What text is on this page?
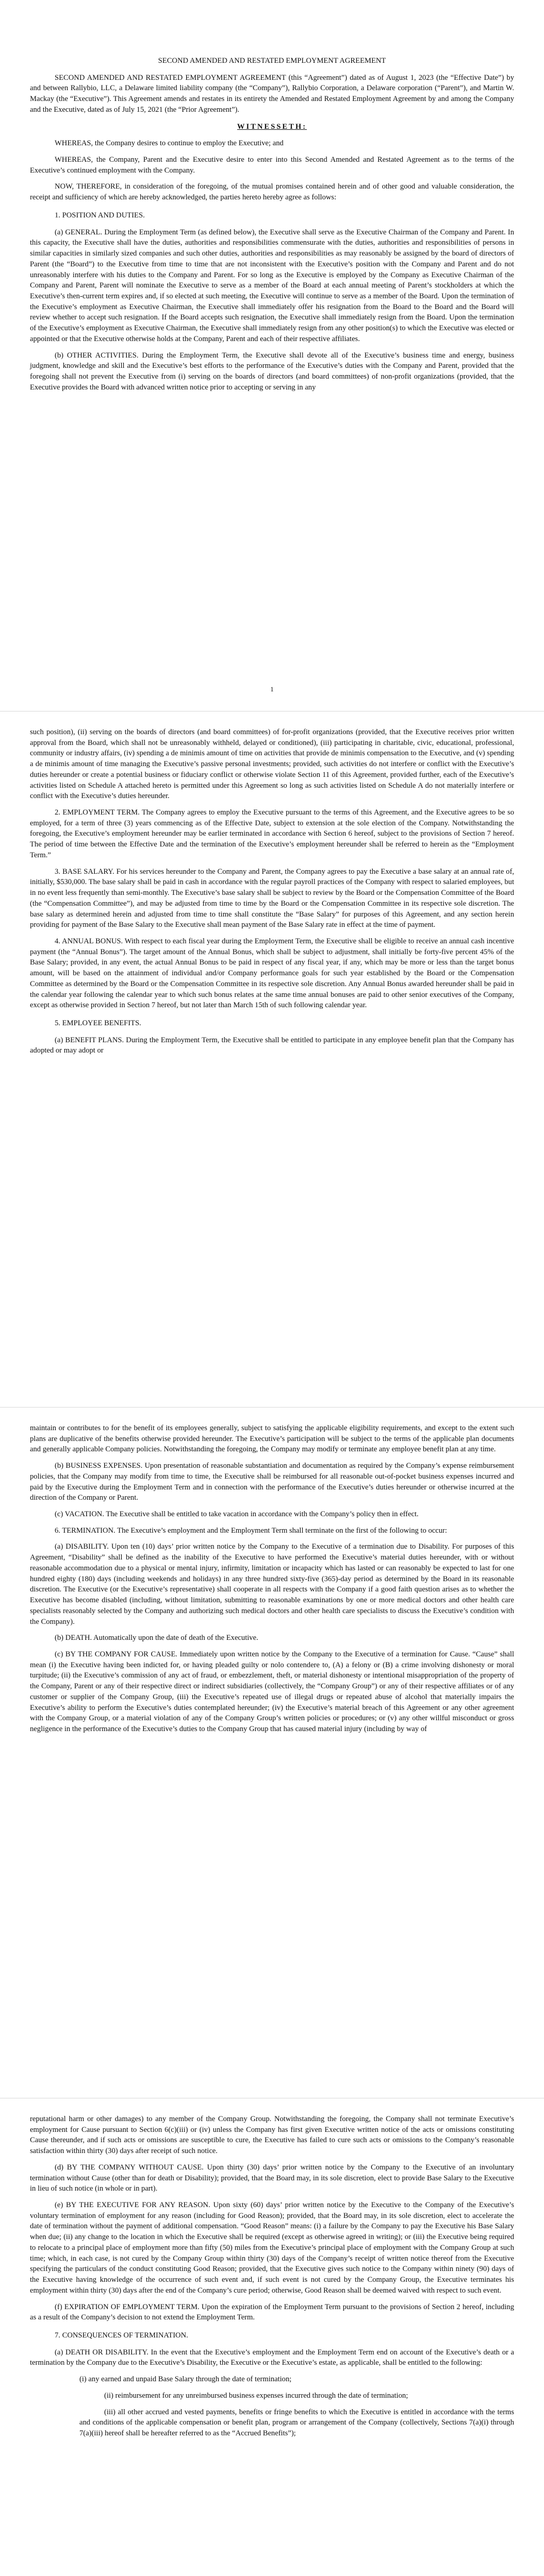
SECOND AMENDED AND RESTATED EMPLOYMENT AGREEMENT

SECOND AMENDED AND RESTATED EMPLOYMENT AGREEMENT (this “Agreement”) dated as of August 1, 2023 (the “Effective Date”) by and between Rallybio, LLC, a Delaware limited liability company (the “Company”), Rallybio Corporation, a Delaware corporation (“Parent”), and Martin W. Mackay (the “Executive”). This Agreement amends and restates in its entirety the Amended and Restated Employment Agreement by and among the Company and the Executive, dated as of July 15, 2021 (the “Prior Agreement”).

WITNESSETH:

WHEREAS, the Company desires to continue to employ the Executive; and

WHEREAS, the Company, Parent and the Executive desire to enter into this Second Amended and Restated Agreement as to the terms of the Executive’s continued employment with the Company.

NOW, THEREFORE, in consideration of the foregoing, of the mutual promises contained herein and of other good and valuable consideration, the receipt and sufficiency of which are hereby acknowledged, the parties hereto hereby agree as follows:

1. POSITION AND DUTIES.

(a) GENERAL. During the Employment Term (as defined below), the Executive shall serve as the Executive Chairman of the Company and Parent. In this capacity, the Executive shall have the duties, authorities and responsibilities commensurate with the duties, authorities and responsibilities of persons in similar capacities in similarly sized companies and such other duties, authorities and responsibilities as may reasonably be assigned by the board of directors of Parent (the “Board”) to the Executive from time to time that are not inconsistent with the Executive’s position with the Company and Parent and do not unreasonably interfere with his duties to the Company and Parent. For so long as the Executive is employed by the Company as Executive Chairman of the Company and Parent, Parent will nominate the Executive to serve as a member of the Board at each annual meeting of Parent’s stockholders at which the Executive’s then-current term expires and, if so elected at such meeting, the Executive will continue to serve as a member of the Board. Upon the termination of the Executive’s employment as Executive Chairman, the Executive shall immediately offer his resignation from the Board to the Board and the Board will review whether to accept such resignation. If the Board accepts such resignation, the Executive shall immediately resign from the Board. Upon the termination of the Executive’s employment as Executive Chairman, the Executive shall immediately resign from any other position(s) to which the Executive was elected or appointed or that the Executive otherwise holds at the Company, Parent and each of their respective affiliates.

(b) OTHER ACTIVITIES. During the Employment Term, the Executive shall devote all of the Executive’s business time and energy, business judgment, knowledge and skill and the Executive’s best efforts to the performance of the Executive’s duties with the Company and Parent, provided that the foregoing shall not prevent the Executive from (i) serving on the boards of directors (and board committees) of non-profit organizations (provided, that the Executive provides the Board with advanced written notice prior to accepting or serving in any

1

such position), (ii) serving on the boards of directors (and board committees) of for-profit organizations (provided, that the Executive receives prior written approval from the Board, which shall not be unreasonably withheld, delayed or conditioned), (iii) participating in charitable, civic, educational, professional, community or industry affairs, (iv) spending a de minimis amount of time on activities that provide de minimis compensation to the Executive, and (v) spending a de minimis amount of time managing the Executive’s passive personal investments; provided, such activities do not interfere or conflict with the Executive’s duties hereunder or create a potential business or fiduciary conflict or otherwise violate Section 11 of this Agreement, provided further, each of the Executive’s activities listed on Schedule A attached hereto is permitted under this Agreement so long as such activities listed on Schedule A do not materially interfere or conflict with the Executive’s duties hereunder.

2. EMPLOYMENT TERM. The Company agrees to employ the Executive pursuant to the terms of this Agreement, and the Executive agrees to be so employed, for a term of three (3) years commencing as of the Effective Date, subject to extension at the sole election of the Company. Notwithstanding the foregoing, the Executive’s employment hereunder may be earlier terminated in accordance with Section 6 hereof, subject to the provisions of Section 7 hereof. The period of time between the Effective Date and the termination of the Executive’s employment hereunder shall be referred to herein as the “Employment Term.”

3. BASE SALARY. For his services hereunder to the Company and Parent, the Company agrees to pay the Executive a base salary at an annual rate of, initially, $530,000. The base salary shall be paid in cash in accordance with the regular payroll practices of the Company with respect to salaried employees, but in no event less frequently than semi-monthly. The Executive’s base salary shall be subject to review by the Board or the Compensation Committee of the Board (the “Compensation Committee”), and may be adjusted from time to time by the Board or the Compensation Committee in its respective sole discretion. The base salary as determined herein and adjusted from time to time shall constitute the “Base Salary” for purposes of this Agreement, and any section herein providing for payment of the Base Salary to the Executive shall mean payment of the Base Salary rate in effect at the time of payment.

4. ANNUAL BONUS. With respect to each fiscal year during the Employment Term, the Executive shall be eligible to receive an annual cash incentive payment (the “Annual Bonus”). The target amount of the Annual Bonus, which shall be subject to adjustment, shall initially be forty-five percent 45% of the Base Salary; provided, in any event, the actual Annual Bonus to be paid in respect of any fiscal year, if any, which may be more or less than the target bonus amount, will be based on the attainment of individual and/or Company performance goals for such year established by the Board or the Compensation Committee as determined by the Board or the Compensation Committee in its respective sole discretion. Any Annual Bonus awarded hereunder shall be paid in the calendar year following the calendar year to which such bonus relates at the same time annual bonuses are paid to other senior executives of the Company, except as otherwise provided in Section 7 hereof, but not later than March 15th of such following calendar year.

5. EMPLOYEE BENEFITS.

(a) BENEFIT PLANS. During the Employment Term, the Executive shall be entitled to participate in any employee benefit plan that the Company has adopted or may adopt or

maintain or contributes to for the benefit of its employees generally, subject to satisfying the applicable eligibility requirements, and except to the extent such plans are duplicative of the benefits otherwise provided hereunder. The Executive’s participation will be subject to the terms of the applicable plan documents and generally applicable Company policies. Notwithstanding the foregoing, the Company may modify or terminate any employee benefit plan at any time.

(b) BUSINESS EXPENSES. Upon presentation of reasonable substantiation and documentation as required by the Company’s expense reimbursement policies, that the Company may modify from time to time, the Executive shall be reimbursed for all reasonable out-of-pocket business expenses incurred and paid by the Executive during the Employment Term and in connection with the performance of the Executive’s duties hereunder or otherwise incurred at the direction of the Company or Parent.

(c) VACATION. The Executive shall be entitled to take vacation in accordance with the Company’s policy then in effect.

6. TERMINATION. The Executive’s employment and the Employment Term shall terminate on the first of the following to occur:

(a) DISABILITY. Upon ten (10) days’ prior written notice by the Company to the Executive of a termination due to Disability. For purposes of this Agreement, “Disability” shall be defined as the inability of the Executive to have performed the Executive’s material duties hereunder, with or without reasonable accommodation due to a physical or mental injury, infirmity, limitation or incapacity which has lasted or can reasonably be expected to last for one hundred eighty (180) days (including weekends and holidays) in any three hundred sixty-five (365)-day period as determined by the Board in its reasonable discretion. The Executive (or the Executive’s representative) shall cooperate in all respects with the Company if a good faith question arises as to whether the Executive has become disabled (including, without limitation, submitting to reasonable examinations by one or more medical doctors and other health care specialists reasonably selected by the Company and authorizing such medical doctors and other health care specialists to discuss the Executive’s condition with the Company).

(b) DEATH. Automatically upon the date of death of the Executive.

(c) BY THE COMPANY FOR CAUSE. Immediately upon written notice by the Company to the Executive of a termination for Cause. “Cause” shall mean (i) the Executive having been indicted for, or having pleaded guilty or nolo contendere to, (A) a felony or (B) a crime involving dishonesty or moral turpitude; (ii) the Executive’s commission of any act of fraud, or embezzlement, theft, or material dishonesty or intentional misappropriation of the property of the Company, Parent or any of their respective direct or indirect subsidiaries (collectively, the “Company Group”) or any of their respective affiliates or of any customer or supplier of the Company Group, (iii) the Executive’s repeated use of illegal drugs or repeated abuse of alcohol that materially impairs the Executive’s ability to perform the Executive’s duties contemplated hereunder; (iv) the Executive’s material breach of this Agreement or any other agreement with the Company Group, or a material violation of any of the Company Group’s written policies or procedures; or (v) any other willful misconduct or gross negligence in the performance of the Executive’s duties to the Company Group that has caused material injury (including by way of

reputational harm or other damages) to any member of the Company Group. Notwithstanding the foregoing, the Company shall not terminate Executive’s employment for Cause pursuant to Section 6(c)(iii) or (iv) unless the Company has first given Executive written notice of the acts or omissions constituting Cause thereunder, and if such acts or omissions are susceptible to cure, the Executive has failed to cure such acts or omissions to the Company’s reasonable satisfaction within thirty (30) days after receipt of such notice.

(d) BY THE COMPANY WITHOUT CAUSE. Upon thirty (30) days’ prior written notice by the Company to the Executive of an involuntary termination without Cause (other than for death or Disability); provided, that the Board may, in its sole discretion, elect to provide Base Salary to the Executive in lieu of such notice (in whole or in part).

(e) BY THE EXECUTIVE FOR ANY REASON. Upon sixty (60) days’ prior written notice by the Executive to the Company of the Executive’s voluntary termination of employment for any reason (including for Good Reason); provided, that the Board may, in its sole discretion, elect to accelerate the date of termination without the payment of additional compensation. “Good Reason” means: (i) a failure by the Company to pay the Executive his Base Salary when due; (ii) any change to the location in which the Executive shall be required (except as otherwise agreed in writing); or (iii) the Executive being required to relocate to a principal place of employment more than fifty (50) miles from the Executive’s principal place of employment with the Company Group at such time; which, in each case, is not cured by the Company Group within thirty (30) days of the Company’s receipt of written notice thereof from the Executive specifying the particulars of the conduct constituting Good Reason; provided, that the Executive gives such notice to the Company within ninety (90) days of the Executive having knowledge of the occurrence of such event and, if such event is not cured by the Company Group, the Executive terminates his employment within thirty (30) days after the end of the Company’s cure period; otherwise, Good Reason shall be deemed waived with respect to such event.

(f) EXPIRATION OF EMPLOYMENT TERM. Upon the expiration of the Employment Term pursuant to the provisions of Section 2 hereof, including as a result of the Company’s decision to not extend the Employment Term.

7. CONSEQUENCES OF TERMINATION.

(a) DEATH OR DISABILITY. In the event that the Executive’s employment and the Employment Term end on account of the Executive’s death or a termination by the Company due to the Executive’s Disability, the Executive or the Executive’s estate, as applicable, shall be entitled to the following:

(i) any earned and unpaid Base Salary through the date of termination;

(ii) reimbursement for any unreimbursed business expenses incurred through the date of termination;

(iii) all other accrued and vested payments, benefits or fringe benefits to which the Executive is entitled in accordance with the terms and conditions of the applicable compensation or benefit plan, program or arrangement of the Company (collectively, Sections 7(a)(i) through 7(a)(iii) hereof shall be hereafter referred to as the “Accrued Benefits”);
